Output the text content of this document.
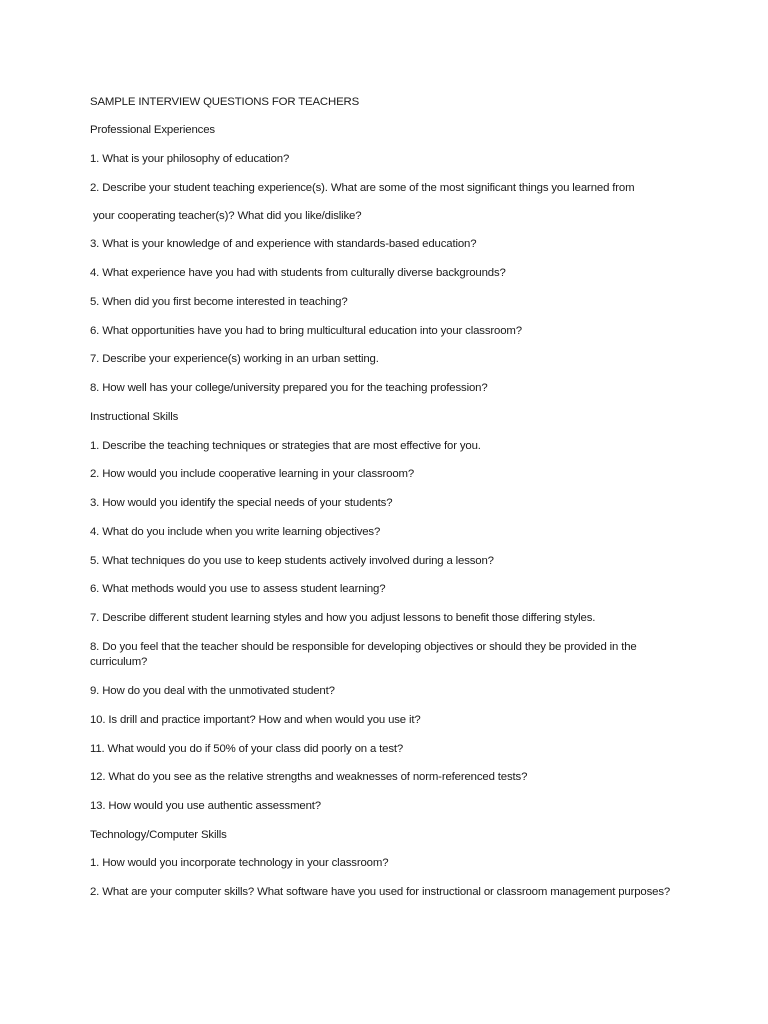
SAMPLE INTERVIEW QUESTIONS FOR TEACHERS

Professional Experiences

1. What is your philosophy of education?

2. Describe your student teaching experience(s). What are some of the most significant things you learned from

your cooperating teacher(s)? What did you like/dislike?

3. What is your knowledge of and experience with standards-based education?

4. What experience have you had with students from culturally diverse backgrounds?

5. When did you first become interested in teaching?

6. What opportunities have you had to bring multicultural education into your classroom?

7. Describe your experience(s) working in an urban setting.

8. How well has your college/university prepared you for the teaching profession?

Instructional Skills

1. Describe the teaching techniques or strategies that are most effective for you.

2. How would you include cooperative learning in your classroom?

3. How would you identify the special needs of your students?

4. What do you include when you write learning objectives?

5. What techniques do you use to keep students actively involved during a lesson?

6. What methods would you use to assess student learning?

7. Describe different student learning styles and how you adjust lessons to benefit those differing styles.

8. Do you feel that the teacher should be responsible for developing objectives or should they be provided in the curriculum?

9. How do you deal with the unmotivated student?

10. Is drill and practice important? How and when would you use it?

11. What would you do if 50% of your class did poorly on a test?

12. What do you see as the relative strengths and weaknesses of norm-referenced tests?

13. How would you use authentic assessment?

Technology/Computer Skills

1. How would you incorporate technology in your classroom?

2. What are your computer skills? What software have you used for instructional or classroom management purposes?
